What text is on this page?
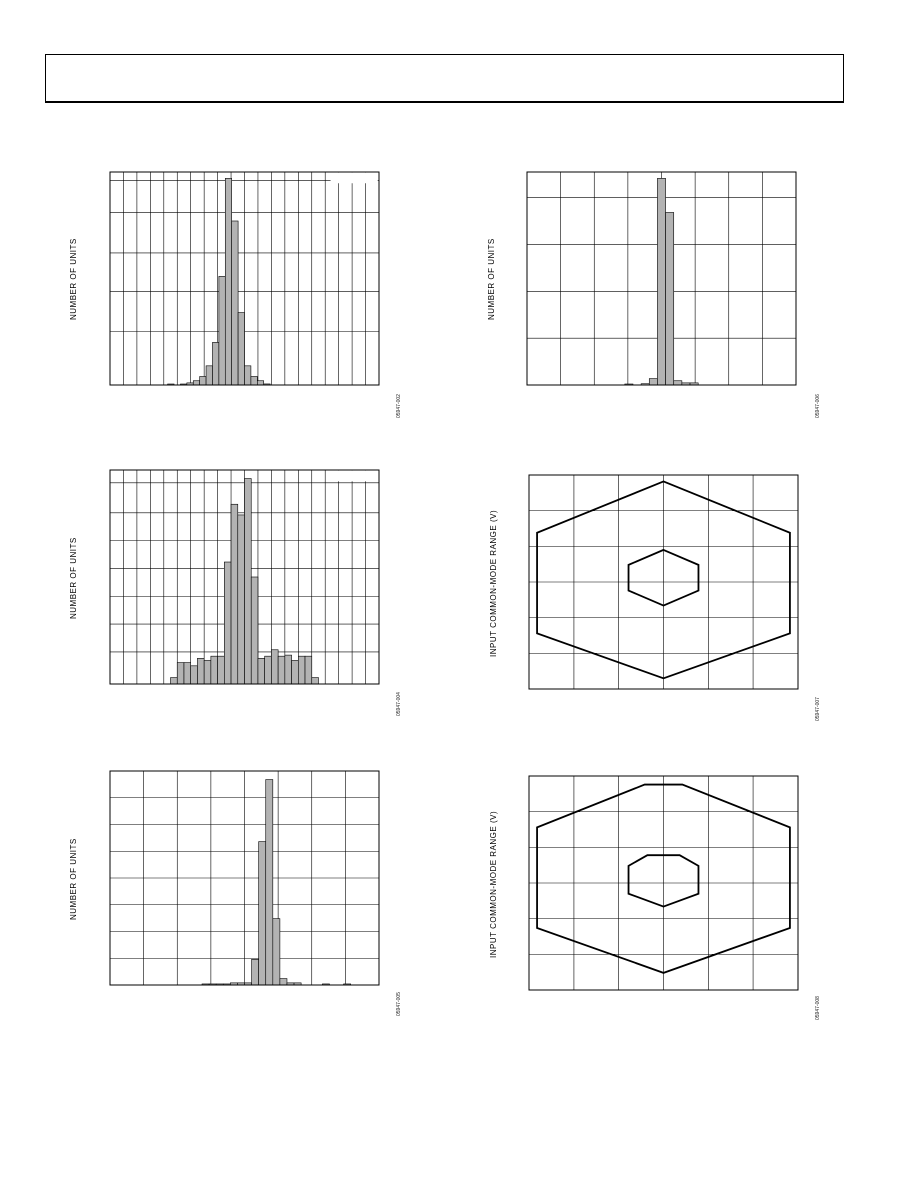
NUMBER OF UNITS
05947-002
NUMBER OF UNITS
05947-006
NUMBER OF UNITS
05947-004
INPUT COMMON-MODE RANGE (V)
05947-007
NUMBER OF UNITS
05947-005
INPUT COMMON-MODE RANGE (V)
05947-008
